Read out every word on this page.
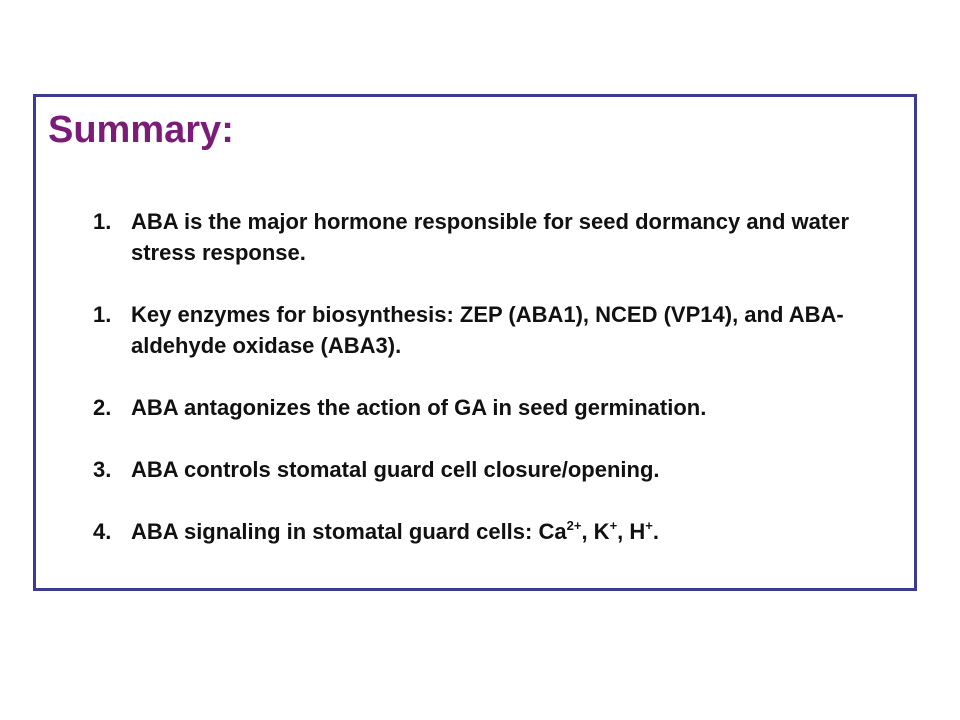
Summary:
1. ABA is the major hormone responsible for seed dormancy and water stress response.
1. Key enzymes for biosynthesis: ZEP (ABA1), NCED (VP14), and ABA-aldehyde oxidase (ABA3).
2. ABA antagonizes the action of GA in seed germination.
3. ABA controls stomatal guard cell closure/opening.
4. ABA signaling in stomatal guard cells: $Ca^{2+}$, K+, H+.
